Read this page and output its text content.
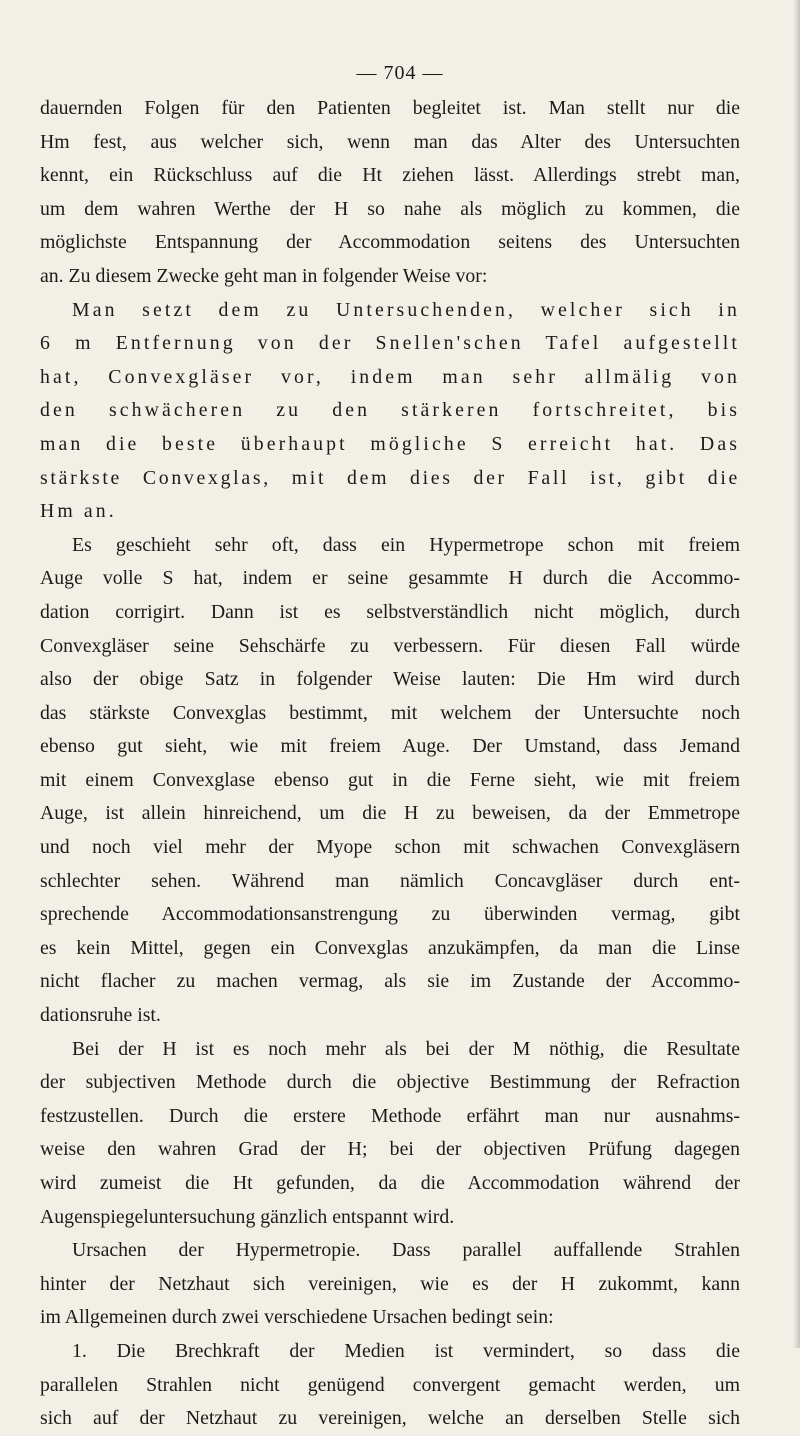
— 704 —
dauernden Folgen für den Patienten begleitet ist. Man stellt nur die
Hm fest, aus welcher sich, wenn man das Alter des Untersuchten
kennt, ein Rückschluss auf die Ht ziehen lässt. Allerdings strebt man,
um dem wahren Werthe der H so nahe als möglich zu kommen, die
möglichste Entspannung der Accommodation seitens des Untersuchten
an. Zu diesem Zwecke geht man in folgender Weise vor:
Man setzt dem zu Untersuchenden, welcher sich in
6 m Entfernung von der Snellen'schen Tafel aufgestellt
hat, Convexgläser vor, indem man sehr allmälig von
den schwächeren zu den stärkeren fortschreitet, bis
man die beste überhaupt mögliche S erreicht hat. Das
stärkste Convexglas, mit dem dies der Fall ist, gibt die
Hm an.
Es geschieht sehr oft, dass ein Hypermetrope schon mit freiem
Auge volle S hat, indem er seine gesammte H durch die Accommo-
dation corrigirt. Dann ist es selbstverständlich nicht möglich, durch
Convexgläser seine Sehschärfe zu verbessern. Für diesen Fall würde
also der obige Satz in folgender Weise lauten: Die Hm wird durch
das stärkste Convexglas bestimmt, mit welchem der Untersuchte noch
ebenso gut sieht, wie mit freiem Auge. Der Umstand, dass Jemand
mit einem Convexglase ebenso gut in die Ferne sieht, wie mit freiem
Auge, ist allein hinreichend, um die H zu beweisen, da der Emmetrope
und noch viel mehr der Myope schon mit schwachen Convexgläsern
schlechter sehen. Während man nämlich Concavgläser durch ent-
sprechende Accommodationsanstrengung zu überwinden vermag, gibt
es kein Mittel, gegen ein Convexglas anzukämpfen, da man die Linse
nicht flacher zu machen vermag, als sie im Zustande der Accommo-
dationsruhe ist.
Bei der H ist es noch mehr als bei der M nöthig, die Resultate
der subjectiven Methode durch die objective Bestimmung der Refraction
festzustellen. Durch die erstere Methode erfährt man nur ausnahms-
weise den wahren Grad der H; bei der objectiven Prüfung dagegen
wird zumeist die Ht gefunden, da die Accommodation während der
Augenspiegeluntersuchung gänzlich entspannt wird.
Ursachen der Hypermetropie. Dass parallel auffallende Strahlen
hinter der Netzhaut sich vereinigen, wie es der H zukommt, kann
im Allgemeinen durch zwei verschiedene Ursachen bedingt sein:
1. Die Brechkraft der Medien ist vermindert, so dass die
parallelen Strahlen nicht genügend convergent gemacht werden, um
sich auf der Netzhaut zu vereinigen, welche an derselben Stelle sich
